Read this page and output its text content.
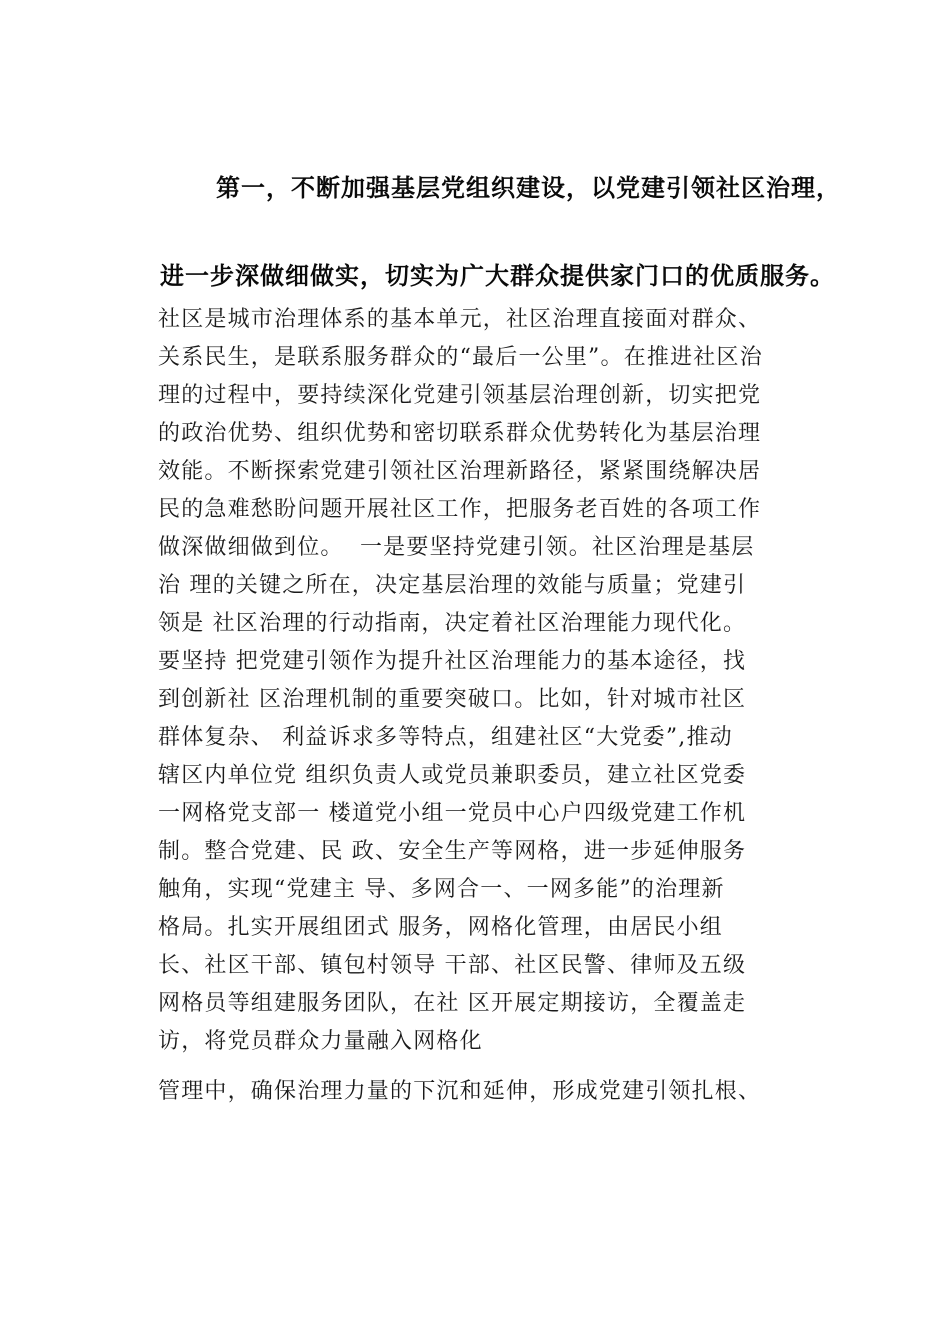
第一，不断加强基层党组织建设，以党建引领社区治理，
进一步深做细做实，切实为广大群众提供家门口的优质服务。
社区是城市治理体系的基本单元，社区治理直接面对群众、
关系民生，是联系服务群众的“最后一公里”。在推进社区治
理的过程中，要持续深化党建引领基层治理创新，切实把党
的政治优势、组织优势和密切联系群众优势转化为基层治理
效能。不断探索党建引领社区治理新路径，紧紧围绕解决居
民的急难愁盼问题开展社区工作，把服务老百姓的各项工作
做深做细做到位。  一是要坚持党建引领。社区治理是基层
治 理的关键之所在，决定基层治理的效能与质量；党建引
领是 社区治理的行动指南，决定着社区治理能力现代化。
要坚持 把党建引领作为提升社区治理能力的基本途径，找
到创新社 区治理机制的重要突破口。比如，针对城市社区
群体复杂、 利益诉求多等特点，组建社区“大党委”,推动
辖区内单位党 组织负责人或党员兼职委员，建立社区党委
一网格党支部一 楼道党小组一党员中心户四级党建工作机
制。整合党建、民 政、安全生产等网格，进一步延伸服务
触角，实现“党建主 导、多网合一、一网多能”的治理新
格局。扎实开展组团式 服务，网格化管理，由居民小组
长、社区干部、镇包村领导 干部、社区民警、律师及五级
网格员等组建服务团队，在社 区开展定期接访，全覆盖走
访，将党员群众力量融入网格化
管理中，确保治理力量的下沉和延伸，形成党建引领扎根、
